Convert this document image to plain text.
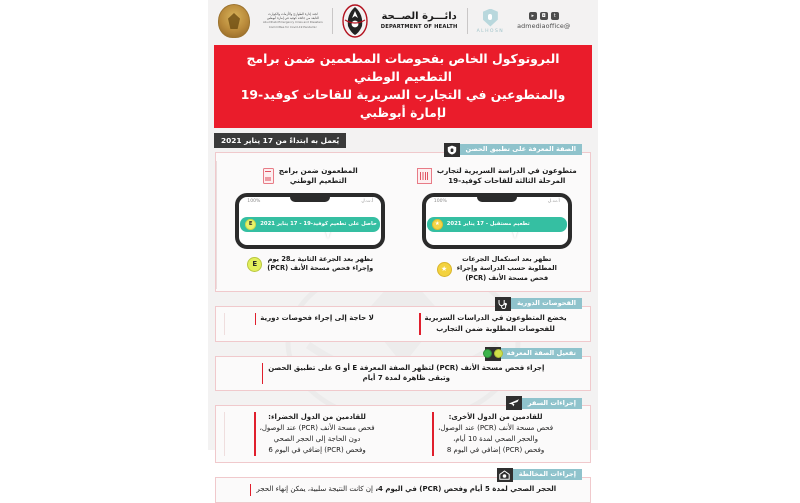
لجنة إدارة الطوارئ والأزمات والكوارث
التابعة من جائحة كوفيد في إمارة أبوظبي
Abu Dhabi Emergency Crisis and Disasters
Committee for Covid-19 Pandemic
دائـــرة الصــحة
DEPARTMENT OF HEALTH
ALHOSN
t
◘
▸
@admediaoffice
البروتوكول الخاص بفحوصات المطعمين ضمن برامج التطعيم الوطني
والمتطوعين في التجارب السريرية للقاحات كوفيد-19 لإمارة أبوظبي
يُعمل به ابتداءً من 17 يناير 2021
الصفة المعرفة على تطبيق الحصن
متطوعون في الدراسة السريرية لتجارب
المرحلة الثالثة للقاحات كوفيد-19
أ.ت.ل
100%
★	تطعيم مستقبل - 17 يناير 2021
★
تظهر بعد استكمال الجرعات
المطلوبة حسب الدراسة وإجراء
فحص مسحة الأنف (PCR)
المطعمون ضمن برامج
التطعيم الوطني
أ.ت.ل
100%
E	حاصل على تطعيم كوفيد-19 - 17 يناير 2021
E
تظهر بعد الجرعة الثانية بـ28 يوم
وإجراء فحص مسحة الأنف (PCR)
الفحوصات الدورية
يخضع المتطوعون في الدراسات السريرية
للفحوصات المطلوبة ضمن التجارب
لا حاجة إلى إجراء فحوصات دورية
تفعيل الصفة المعرفة
إجراء فحص مسحة الأنف (PCR) لتظهر الصفة المعرفة E أو G على تطبيق الحصن
وتبقى ظاهرة لمدة 7 أيام
إجراءات السفر
للقادمين من الدول الأخرى:
فحص مسحة الأنف (PCR) عند الوصول،
والحجر الصحي لمدة 10 أيام،
وفحص (PCR) إضافي في اليوم 8
للقادمين من الدول الخضراء:
فحص مسحة الأنف (PCR) عند الوصول،
دون الحاجة إلى الحجر الصحي
وفحص (PCR) إضافي في اليوم 6
إجراءات المخالطة
الحجر الصحي لمدة 5 أيام وفحص (PCR) في اليوم 4، إن كانت النتيجة سلبية، يمكن إنهاء الحجر
